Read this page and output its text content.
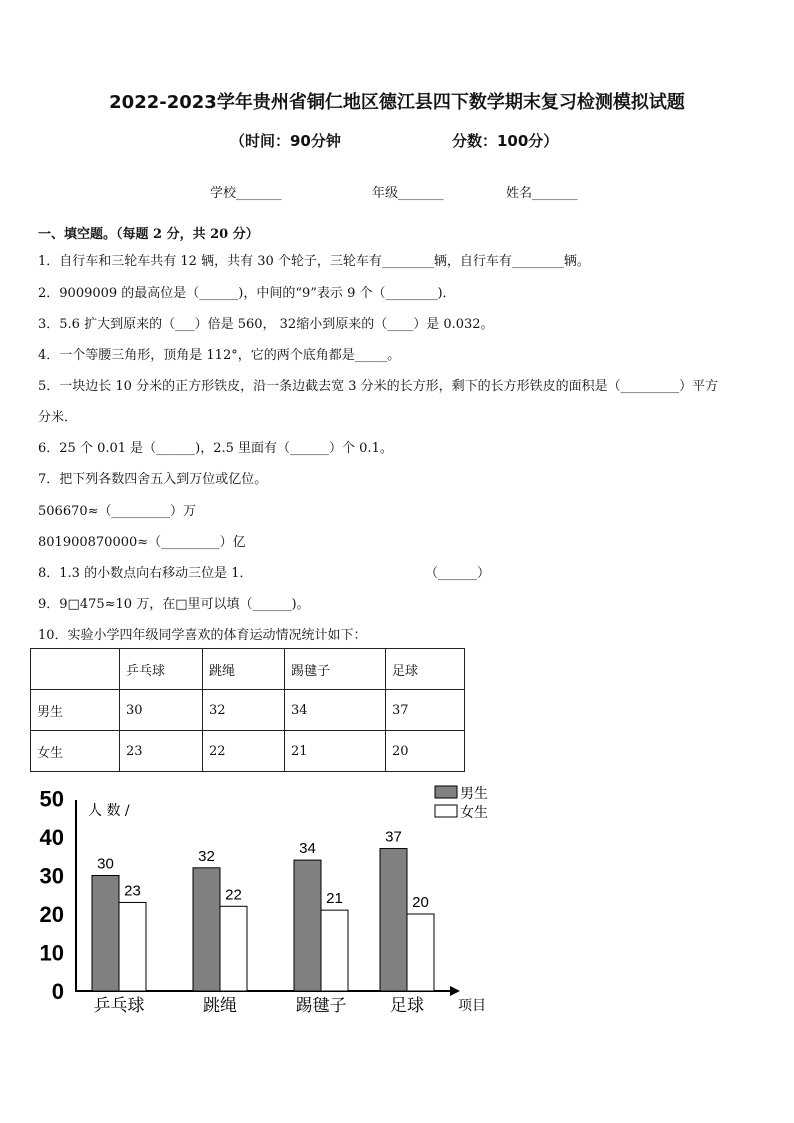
2022-2023学年贵州省铜仁地区德江县四下数学期末复习检测模拟试题
（时间：90分钟	分数：100分）
学校_______	年级_______	姓名_______
一、填空题。（每题 2 分，共 20 分）
1．自行车和三轮车共有 12 辆，共有 30 个轮子，三轮车有________辆，自行车有________辆。
2．9009009 的最高位是（______)，中间的“9”表示 9 个（________)．
3．5.6 扩大到原来的（___）倍是 560， 32缩小到原来的（____）是 0.032。
4．一个等腰三角形，顶角是 112°，它的两个底角都是_____。
5．一块边长 10 分米的正方形铁皮，沿一条边截去宽 3 分米的长方形，剩下的长方形铁皮的面积是（_________）平方
分米．
6．25 个 0.01 是（______)，2.5 里面有（______）个 0.1。
7．把下列各数四舍五入到万位或亿位。
506670≈（_________）万
801900870000≈（_________）亿
8．1.3 的小数点向右移动三位是 1．	（______）
9．9□475≈10 万，在□里可以填（______)。
10．实验小学四年级同学喜欢的体育运动情况统计如下：
	乒乓球	跳绳	踢毽子	足球
男生	30	32	34	37
女生	23	22	21	20
人 数 /
项目
0
10
20
30
40
50
30
23
乒乓球
32
22
跳绳
34
21
踢毽子
37
20
足球
男生
女生
